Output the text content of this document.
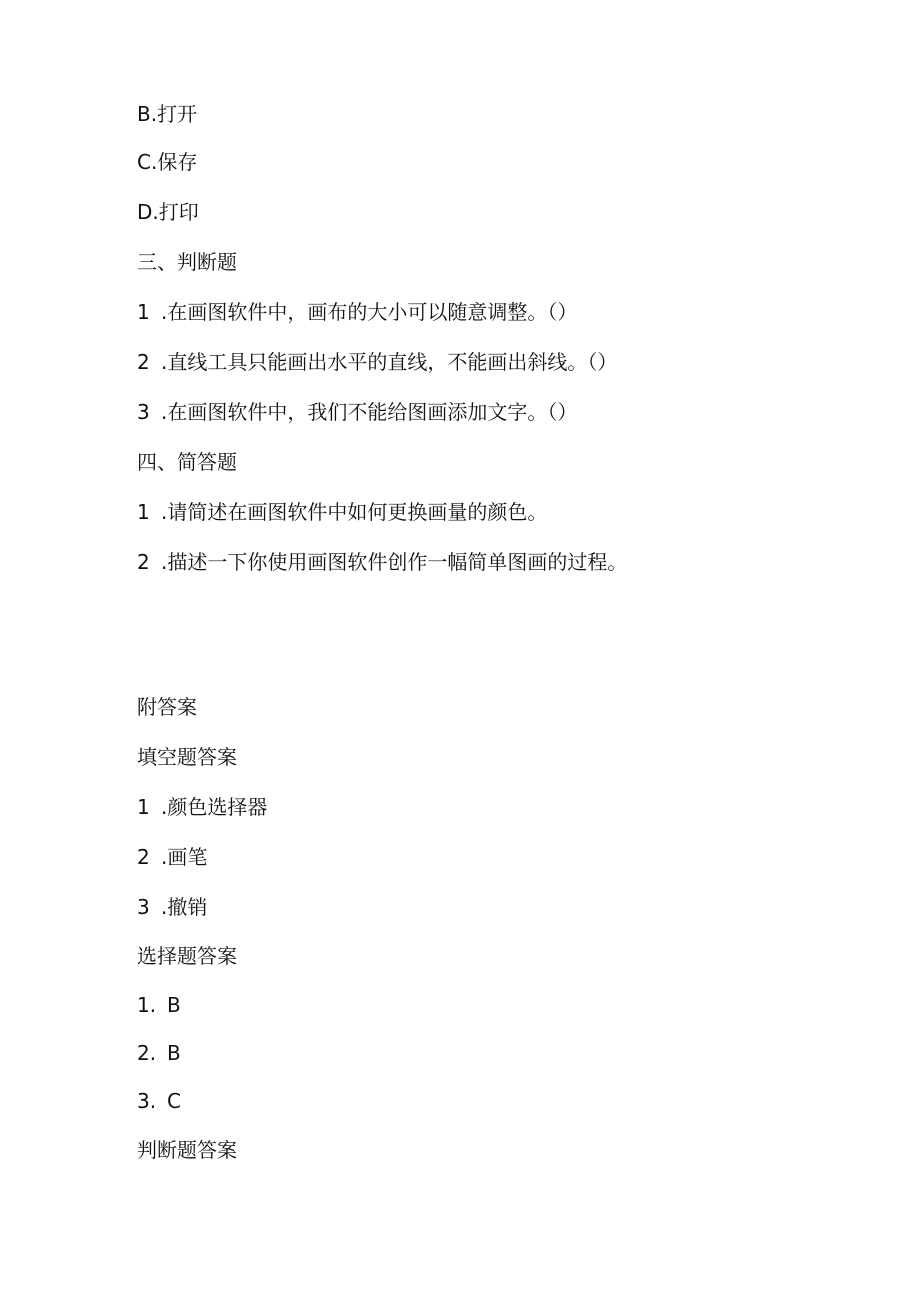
B.打开
C.保存
D.打印
三、判断题
1 .在画图软件中，画布的大小可以随意调整。（）
2 .直线工具只能画出水平的直线，不能画出斜线。（）
3 .在画图软件中，我们不能给图画添加文字。（）
四、简答题
1 .请简述在画图软件中如何更换画量的颜色。
2 .描述一下你使用画图软件创作一幅简单图画的过程。
附答案
填空题答案
1 .颜色选择器
2 .画笔
3 .撤销
选择题答案
1. B
2. B
3. C
判断题答案
